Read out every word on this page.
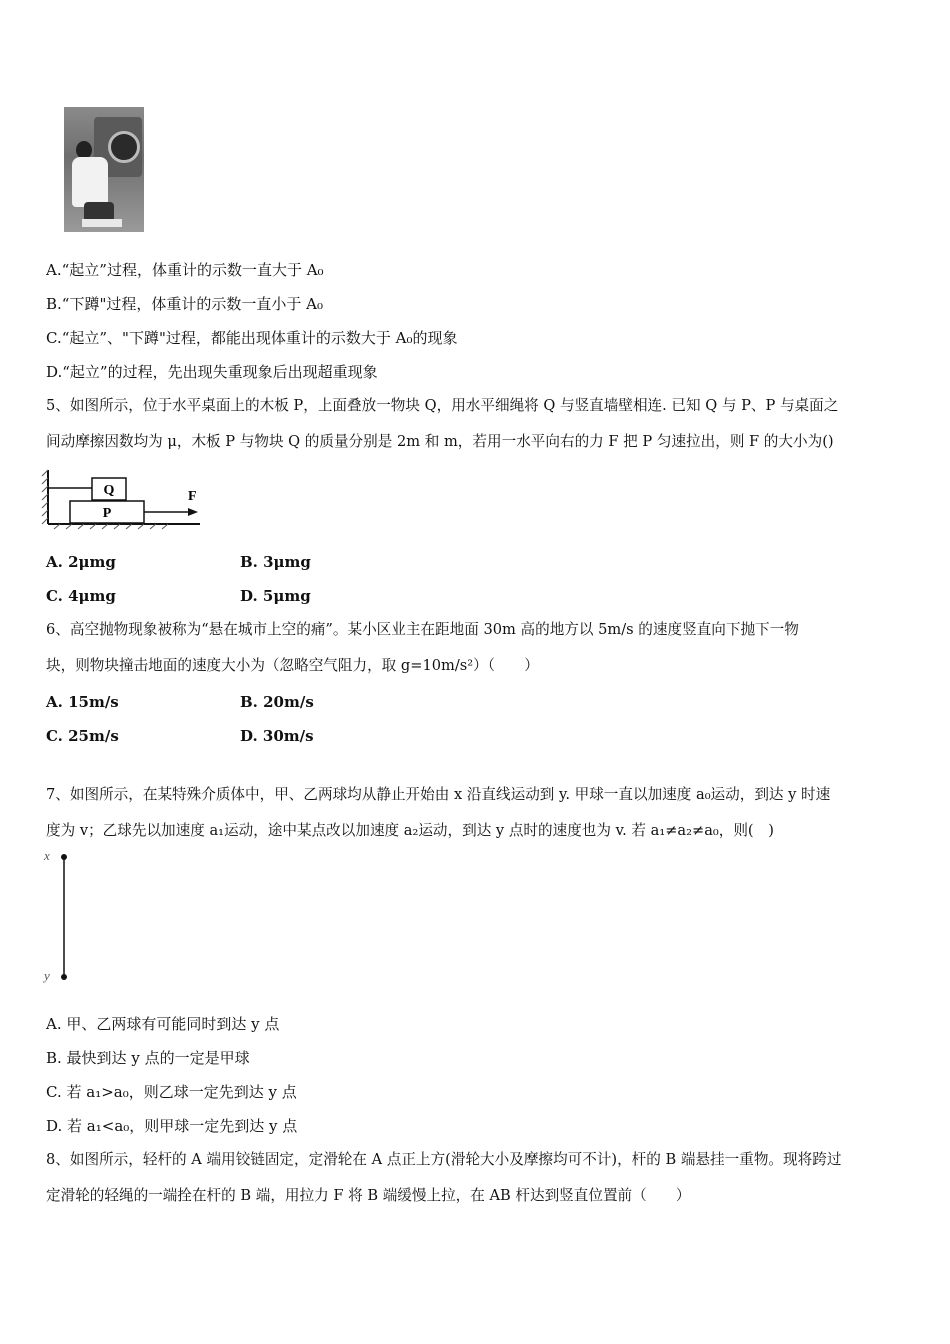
A.“起立”过程，体重计的示数一直大于 A₀
B.“下蹲"过程，体重计的示数一直小于 A₀
C.“起立”、"下蹲"过程，都能出现体重计的示数大于 A₀的现象
D.“起立”的过程，先出现失重现象后出现超重现象
5、如图所示，位于水平桌面上的木板 P，上面叠放一物块 Q，用水平细绳将 Q 与竖直墙壁相连. 已知 Q 与 P、P 与桌面之
间动摩擦因数均为 μ，木板 P 与物块 Q 的质量分别是 2m 和 m，若用一水平向右的力 F 把 P 匀速拉出，则 F 的大小为()
Q
P
F
A. 2μmg	B. 3μmg
C. 4μmg	D. 5μmg
6、高空抛物现象被称为“悬在城市上空的痛”。某小区业主在距地面 30m 高的地方以 5m/s 的速度竖直向下抛下一物
块，则物块撞击地面的速度大小为（忽略空气阻力，取 g=10m/s²）（　　）
A. 15m/s	B. 20m/s
C. 25m/s	D. 30m/s
7、如图所示，在某特殊介质体中，甲、乙两球均从静止开始由 x 沿直线运动到 y. 甲球一直以加速度 a₀运动，到达 y 时速
度为 v；乙球先以加速度 a₁运动，途中某点改以加速度 a₂运动，到达 y 点时的速度也为 v. 若 a₁≠a₂≠a₀，则(　)
x
y
A. 甲、乙两球有可能同时到达 y 点
B. 最快到达 y 点的一定是甲球
C. 若 a₁>a₀，则乙球一定先到达 y 点
D. 若 a₁<a₀，则甲球一定先到达 y 点
8、如图所示，轻杆的 A 端用铰链固定，定滑轮在 A 点正上方(滑轮大小及摩擦均可不计)，杆的 B 端悬挂一重物。现将跨过
定滑轮的轻绳的一端拴在杆的 B 端，用拉力 F 将 B 端缓慢上拉，在 AB 杆达到竖直位置前（　　）
